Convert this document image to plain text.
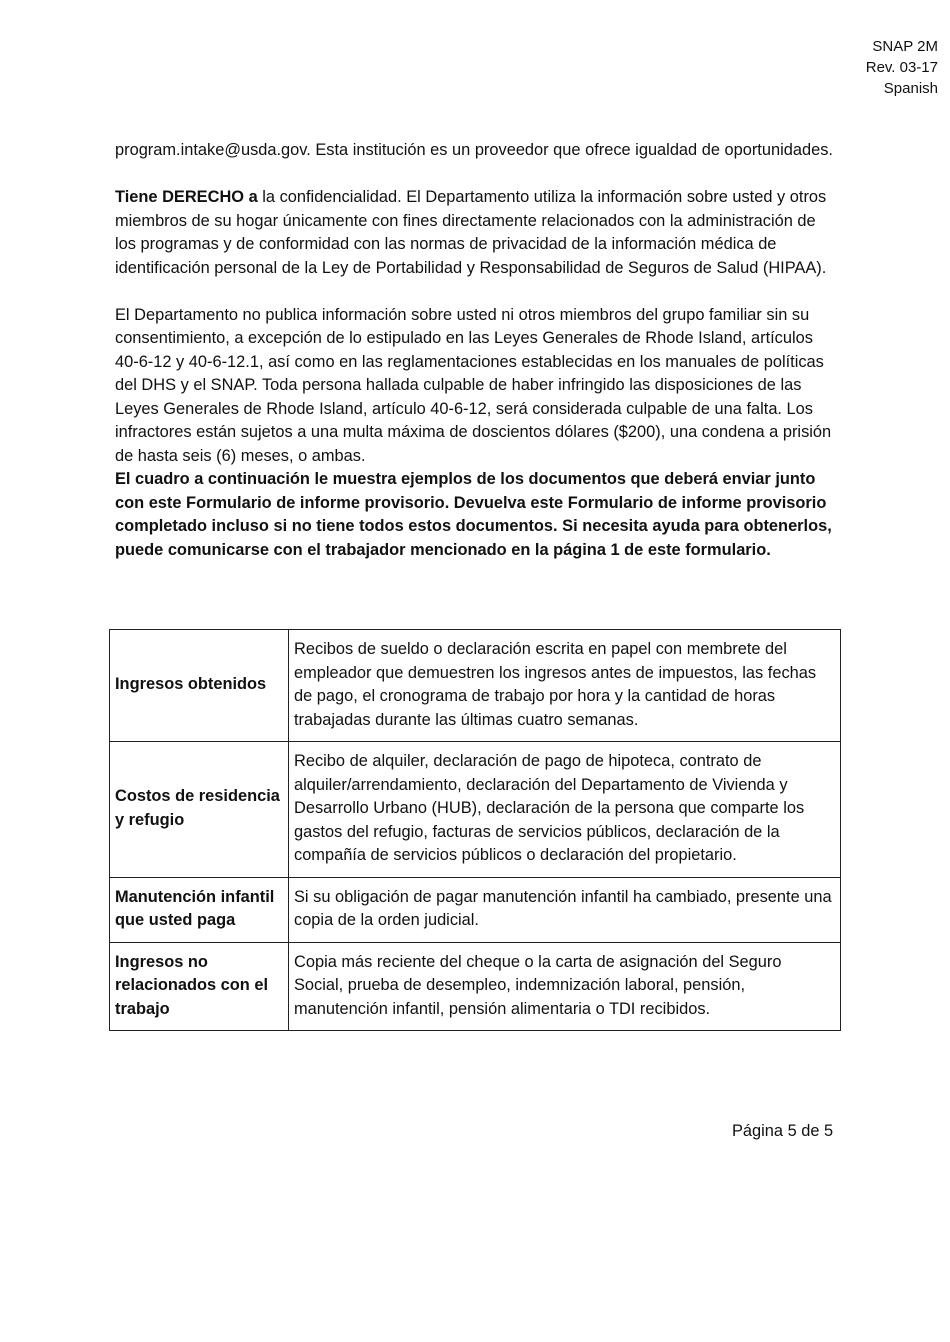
SNAP 2M
Rev. 03-17
Spanish

program.intake@usda.gov. Esta institución es un proveedor que ofrece igualdad de oportunidades.

Tiene DERECHO a la confidencialidad. El Departamento utiliza la información sobre usted y otros miembros de su hogar únicamente con fines directamente relacionados con la administración de los programas y de conformidad con las normas de privacidad de la información médica de identificación personal de la Ley de Portabilidad y Responsabilidad de Seguros de Salud (HIPAA).

El Departamento no publica información sobre usted ni otros miembros del grupo familiar sin su consentimiento, a excepción de lo estipulado en las Leyes Generales de Rhode Island, artículos 40-6-12 y 40-6-12.1, así como en las reglamentaciones establecidas en los manuales de políticas del DHS y el SNAP. Toda persona hallada culpable de haber infringido las disposiciones de las Leyes Generales de Rhode Island, artículo 40-6-12, será considerada culpable de una falta. Los infractores están sujetos a una multa máxima de doscientos dólares ($200), una condena a prisión de hasta seis (6) meses, o ambas.

El cuadro a continuación le muestra ejemplos de los documentos que deberá enviar junto con este Formulario de informe provisorio. Devuelva este Formulario de informe provisorio completado incluso si no tiene todos estos documentos. Si necesita ayuda para obtenerlos, puede comunicarse con el trabajador mencionado en la página 1 de este formulario.

Ingresos obtenidos	Recibos de sueldo o declaración escrita en papel con membrete del empleador que demuestren los ingresos antes de impuestos, las fechas de pago, el cronograma de trabajo por hora y la cantidad de horas trabajadas durante las últimas cuatro semanas.
Costos de residencia y refugio	Recibo de alquiler, declaración de pago de hipoteca, contrato de alquiler/arrendamiento, declaración del Departamento de Vivienda y Desarrollo Urbano (HUB), declaración de la persona que comparte los gastos del refugio, facturas de servicios públicos, declaración de la compañía de servicios públicos o declaración del propietario.
Manutención infantil que usted paga	Si su obligación de pagar manutención infantil ha cambiado, presente una copia de la orden judicial.
Ingresos no relacionados con el trabajo	Copia más reciente del cheque o la carta de asignación del Seguro Social, prueba de desempleo, indemnización laboral, pensión, manutención infantil, pensión alimentaria o TDI recibidos.
Página 5 de 5
